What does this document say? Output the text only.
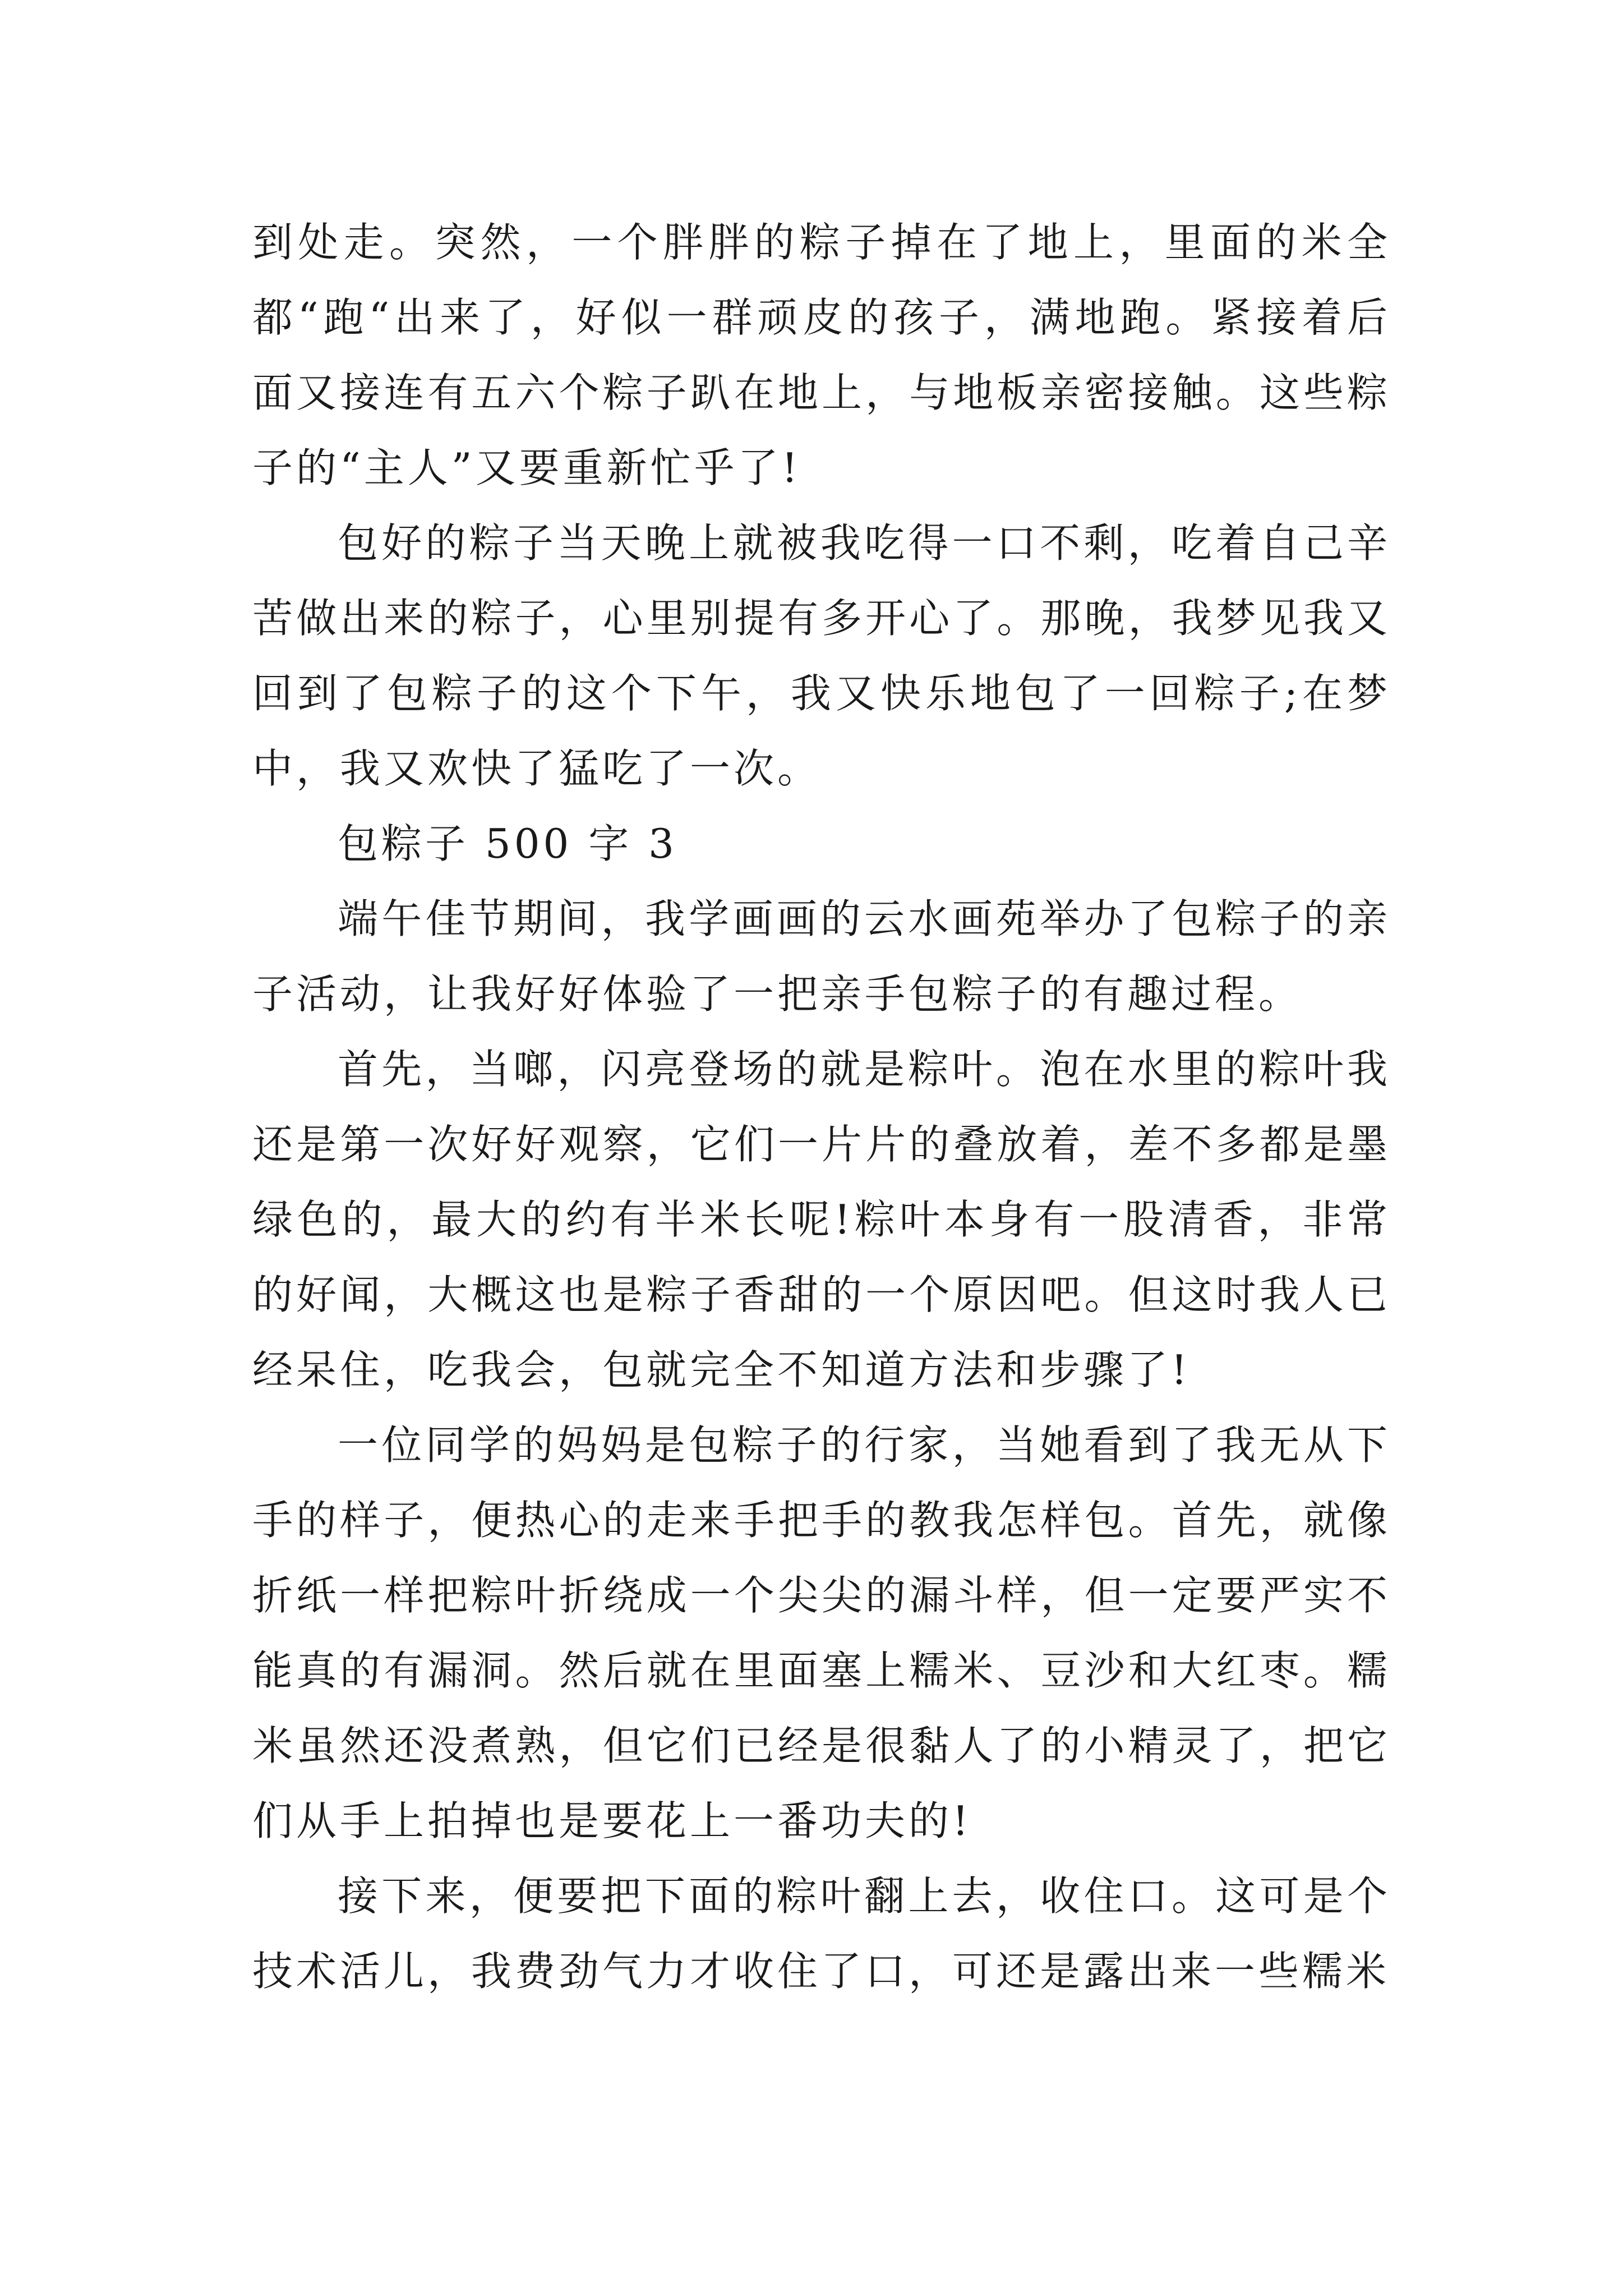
到处走。突然，一个胖胖的粽子掉在了地上，里面的米全都“跑“出来了，好似一群顽皮的孩子，满地跑。紧接着后面又接连有五六个粽子趴在地上，与地板亲密接触。这些粽子的“主人”又要重新忙乎了!

包好的粽子当天晚上就被我吃得一口不剩，吃着自己辛苦做出来的粽子，心里别提有多开心了。那晚，我梦见我又回到了包粽子的这个下午，我又快乐地包了一回粽子;在梦中，我又欢快了猛吃了一次。

包粽子 500 字 3

端午佳节期间，我学画画的云水画苑举办了包粽子的亲子活动，让我好好体验了一把亲手包粽子的有趣过程。

首先，当啷，闪亮登场的就是粽叶。泡在水里的粽叶我还是第一次好好观察，它们一片片的叠放着，差不多都是墨绿色的，最大的约有半米长呢!粽叶本身有一股清香，非常的好闻，大概这也是粽子香甜的一个原因吧。但这时我人已经呆住，吃我会，包就完全不知道方法和步骤了!

一位同学的妈妈是包粽子的行家，当她看到了我无从下手的样子，便热心的走来手把手的教我怎样包。首先，就像折纸一样把粽叶折绕成一个尖尖的漏斗样，但一定要严实不能真的有漏洞。然后就在里面塞上糯米、豆沙和大红枣。糯米虽然还没煮熟，但它们已经是很黏人了的小精灵了，把它们从手上拍掉也是要花上一番功夫的!

接下来，便要把下面的粽叶翻上去，收住口。这可是个技术活儿，我费劲气力才收住了口，可还是露出来一些糯米
